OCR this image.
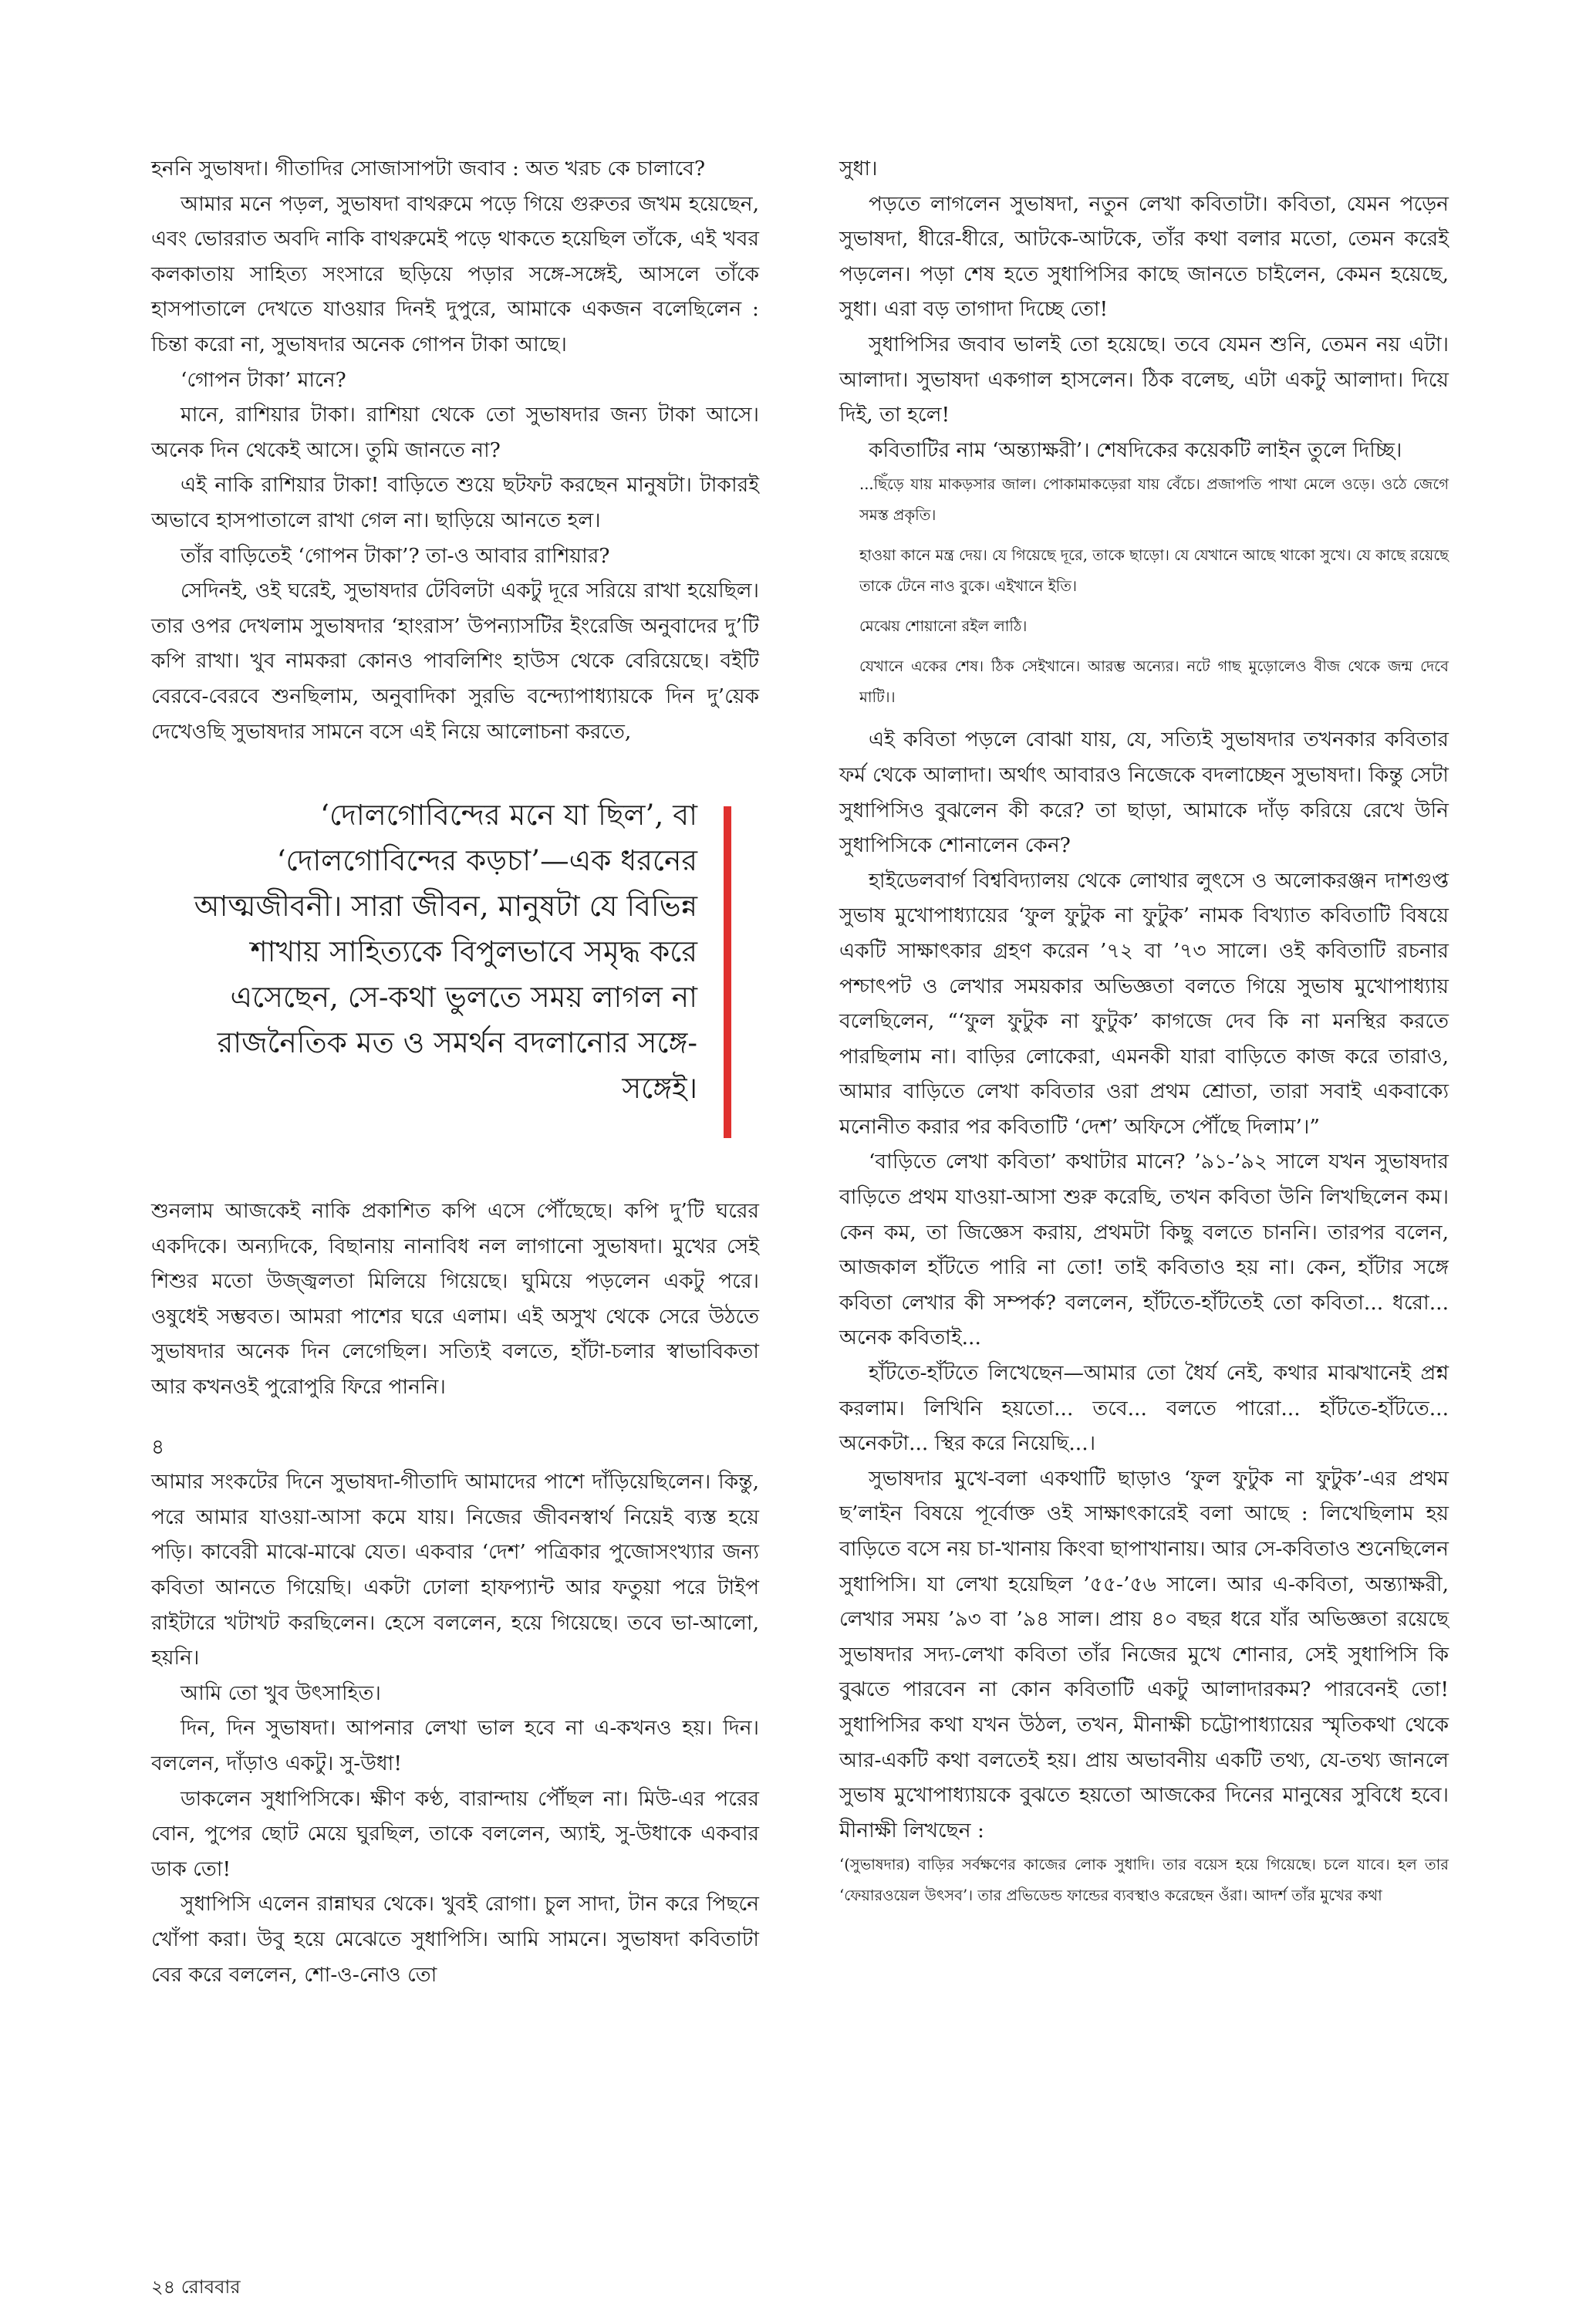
হননি সুভাষদা। গীতাদির সোজাসাপটা জবাব : অত খরচ কে চালাবে?

আমার মনে পড়ল, সুভাষদা বাথরুমে পড়ে গিয়ে গুরুতর জখম হয়েছেন, এবং ভোররাত অবদি নাকি বাথরুমেই পড়ে থাকতে হয়েছিল তাঁকে, এই খবর কলকাতায় সাহিত্য সংসারে ছড়িয়ে পড়ার সঙ্গে-সঙ্গেই, আসলে তাঁকে হাসপাতালে দেখতে যাওয়ার দিনই দুপুরে, আমাকে একজন বলেছিলেন : চিন্তা করো না, সুভাষদার অনেক গোপন টাকা আছে।

‘গোপন টাকা’ মানে?

মানে, রাশিয়ার টাকা। রাশিয়া থেকে তো সুভাষদার জন্য টাকা আসে। অনেক দিন থেকেই আসে। তুমি জানতে না?

এই নাকি রাশিয়ার টাকা! বাড়িতে শুয়ে ছটফট করছেন মানুষটা। টাকারই অভাবে হাসপাতালে রাখা গেল না। ছাড়িয়ে আনতে হল।

তাঁর বাড়িতেই ‘গোপন টাকা’? তা-ও আবার রাশিয়ার?

সেদিনই, ওই ঘরেই, সুভাষদার টেবিলটা একটু দূরে সরিয়ে রাখা হয়েছিল। তার ওপর দেখলাম সুভাষদার ‘হাংরাস’ উপন্যাসটির ইংরেজি অনুবাদের দু’টি কপি রাখা। খুব নামকরা কোনও পাবলিশিং হাউস থেকে বেরিয়েছে। বইটি বেরবে-বেরবে শুনছিলাম, অনুবাদিকা সুরভি বন্দ্যোপাধ্যায়কে দিন দু’য়েক দেখেওছি সুভাষদার সামনে বসে এই নিয়ে আলোচনা করতে,

‘দোলগোবিন্দের মনে যা ছিল’, বা ‘দোলগোবিন্দের কড়চা’—এক ধরনের আত্মজীবনী। সারা জীবন, মানুষটা যে বিভিন্ন শাখায় সাহিত্যকে বিপুলভাবে সমৃদ্ধ করে এসেছেন, সে-কথা ভুলতে সময় লাগল না রাজনৈতিক মত ও সমর্থন বদলানোর সঙ্গে-সঙ্গেই।

শুনলাম আজকেই নাকি প্রকাশিত কপি এসে পৌঁছেছে। কপি দু’টি ঘরের একদিকে। অন্যদিকে, বিছানায় নানাবিধ নল লাগানো সুভাষদা। মুখের সেই শিশুর মতো উজ্জ্বলতা মিলিয়ে গিয়েছে। ঘুমিয়ে পড়লেন একটু পরে। ওষুধেই সম্ভবত। আমরা পাশের ঘরে এলাম। এই অসুখ থেকে সেরে উঠতে সুভাষদার অনেক দিন লেগেছিল। সত্যিই বলতে, হাঁটা-চলার স্বাভাবিকতা আর কখনওই পুরোপুরি ফিরে পাননি।

৪

আমার সংকটের দিনে সুভাষদা-গীতাদি আমাদের পাশে দাঁড়িয়েছিলেন। কিন্তু, পরে আমার যাওয়া-আসা কমে যায়। নিজের জীবনস্বার্থ নিয়েই ব্যস্ত হয়ে পড়ি। কাবেরী মাঝে-মাঝে যেত। একবার ‘দেশ’ পত্রিকার পুজোসংখ্যার জন্য কবিতা আনতে গিয়েছি। একটা ঢোলা হাফপ্যান্ট আর ফতুয়া পরে টাইপ রাইটারে খটাখট করছিলেন। হেসে বললেন, হয়ে গিয়েছে। তবে ভা-আলো, হয়নি।

আমি তো খুব উৎসাহিত।

দিন, দিন সুভাষদা। আপনার লেখা ভাল হবে না এ-কখনও হয়। দিন। বললেন, দাঁড়াও একটু। সু-উধা!

ডাকলেন সুধাপিসিকে। ক্ষীণ কণ্ঠ, বারান্দায় পৌঁছল না। মিউ-এর পরের বোন, পুপের ছোট মেয়ে ঘুরছিল, তাকে বললেন, অ্যাই, সু-উধাকে একবার ডাক তো!

সুধাপিসি এলেন রান্নাঘর থেকে। খুবই রোগা। চুল সাদা, টান করে পিছনে খোঁপা করা। উবু হয়ে মেঝেতে সুধাপিসি। আমি সামনে। সুভাষদা কবিতাটা বের করে বললেন, শো-ও-নোও তো

সুধা।

পড়তে লাগলেন সুভাষদা, নতুন লেখা কবিতাটা। কবিতা, যেমন পড়েন সুভাষদা, ধীরে-ধীরে, আটকে-আটকে, তাঁর কথা বলার মতো, তেমন করেই পড়লেন। পড়া শেষ হতে সুধাপিসির কাছে জানতে চাইলেন, কেমন হয়েছে, সুধা। এরা বড় তাগাদা দিচ্ছে তো!

সুধাপিসির জবাব ভালই তো হয়েছে। তবে যেমন শুনি, তেমন নয় এটা। আলাদা। সুভাষদা একগাল হাসলেন। ঠিক বলেছ, এটা একটু আলাদা। দিয়ে দিই, তা হলে!

কবিতাটির নাম ‘অন্ত্যাক্ষরী’। শেষদিকের কয়েকটি লাইন তুলে দিচ্ছি।

...ছিঁড়ে যায় মাকড়সার জাল। পোকামাকড়েরা যায় বেঁচে। প্রজাপতি পাখা মেলে ওড়ে। ওঠে জেগে সমস্ত প্রকৃতি।

হাওয়া কানে মন্ত্র দেয়। যে গিয়েছে দূরে, তাকে ছাড়ো। যে যেখানে আছে থাকো সুখে। যে কাছে রয়েছে তাকে টেনে নাও বুকে। এইখানে ইতি।

মেঝেয় শোয়ানো রইল লাঠি।

যেখানে একের শেষ। ঠিক সেইখানে। আরম্ভ অন্যের। নটে গাছ মুড়োলেও বীজ থেকে জন্ম দেবে মাটি।।

এই কবিতা পড়লে বোঝা যায়, যে, সত্যিই সুভাষদার তখনকার কবিতার ফর্ম থেকে আলাদা। অর্থাৎ আবারও নিজেকে বদলাচ্ছেন সুভাষদা। কিন্তু সেটা সুধাপিসিও বুঝলেন কী করে? তা ছাড়া, আমাকে দাঁড় করিয়ে রেখে উনি সুধাপিসিকে শোনালেন কেন?

হাইডেলবার্গ বিশ্ববিদ্যালয় থেকে লোথার লুৎসে ও অলোকরঞ্জন দাশগুপ্ত সুভাষ মুখোপাধ্যায়ের ‘ফুল ফুটুক না ফুটুক’ নামক বিখ্যাত কবিতাটি বিষয়ে একটি সাক্ষাৎকার গ্রহণ করেন ’৭২ বা ’৭৩ সালে। ওই কবিতাটি রচনার পশ্চাৎপট ও লেখার সময়কার অভিজ্ঞতা বলতে গিয়ে সুভাষ মুখোপাধ্যায় বলেছিলেন, “‘ফুল ফুটুক না ফুটুক’ কাগজে দেব কি না মনস্থির করতে পারছিলাম না। বাড়ির লোকেরা, এমনকী যারা বাড়িতে কাজ করে তারাও, আমার বাড়িতে লেখা কবিতার ওরা প্রথম শ্রোতা, তারা সবাই একবাক্যে মনোনীত করার পর কবিতাটি ‘দেশ’ অফিসে পৌঁছে দিলাম’।”

‘বাড়িতে লেখা কবিতা’ কথাটার মানে? ’৯১-’৯২ সালে যখন সুভাষদার বাড়িতে প্রথম যাওয়া-আসা শুরু করেছি, তখন কবিতা উনি লিখছিলেন কম। কেন কম, তা জিজ্ঞেস করায়, প্রথমটা কিছু বলতে চাননি। তারপর বলেন, আজকাল হাঁটতে পারি না তো! তাই কবিতাও হয় না। কেন, হাঁটার সঙ্গে কবিতা লেখার কী সম্পর্ক? বললেন, হাঁটতে-হাঁটতেই তো কবিতা... ধরো... অনেক কবিতাই...

হাঁটতে-হাঁটতে লিখেছেন—আমার তো ধৈর্য নেই, কথার মাঝখানেই প্রশ্ন করলাম। লিখিনি হয়তো... তবে... বলতে পারো... হাঁটতে-হাঁটতে... অনেকটা... স্থির করে নিয়েছি...।

সুভাষদার মুখে-বলা একথাটি ছাড়াও ‘ফুল ফুটুক না ফুটুক’-এর প্রথম ছ’লাইন বিষয়ে পূর্বোক্ত ওই সাক্ষাৎকারেই বলা আছে : লিখেছিলাম হয় বাড়িতে বসে নয় চা-খানায় কিংবা ছাপাখানায়। আর সে-কবিতাও শুনেছিলেন সুধাপিসি। যা লেখা হয়েছিল ’৫৫-’৫৬ সালে। আর এ-কবিতা, অন্ত্যাক্ষরী, লেখার সময় ’৯৩ বা ’৯৪ সাল। প্রায় ৪০ বছর ধরে যাঁর অভিজ্ঞতা রয়েছে সুভাষদার সদ্য-লেখা কবিতা তাঁর নিজের মুখে শোনার, সেই সুধাপিসি কি বুঝতে পারবেন না কোন কবিতাটি একটু আলাদারকম? পারবেনই তো! সুধাপিসির কথা যখন উঠল, তখন, মীনাক্ষী চট্টোপাধ্যায়ের স্মৃতিকথা থেকে আর-একটি কথা বলতেই হয়। প্রায় অভাবনীয় একটি তথ্য, যে-তথ্য জানলে সুভাষ মুখোপাধ্যায়কে বুঝতে হয়তো আজকের দিনের মানুষের সুবিধে হবে। মীনাক্ষী লিখছেন :

‘(সুভাষদার) বাড়ির সর্বক্ষণের কাজের লোক সুধাদি। তার বয়েস হয়ে গিয়েছে। চলে যাবে। হল তার ‘ফেয়ারওয়েল উৎসব’। তার প্রভিডেন্ড ফান্ডের ব্যবস্থাও করেছেন ওঁরা। আদর্শ তাঁর মুখের কথা

২৪ রোববার
